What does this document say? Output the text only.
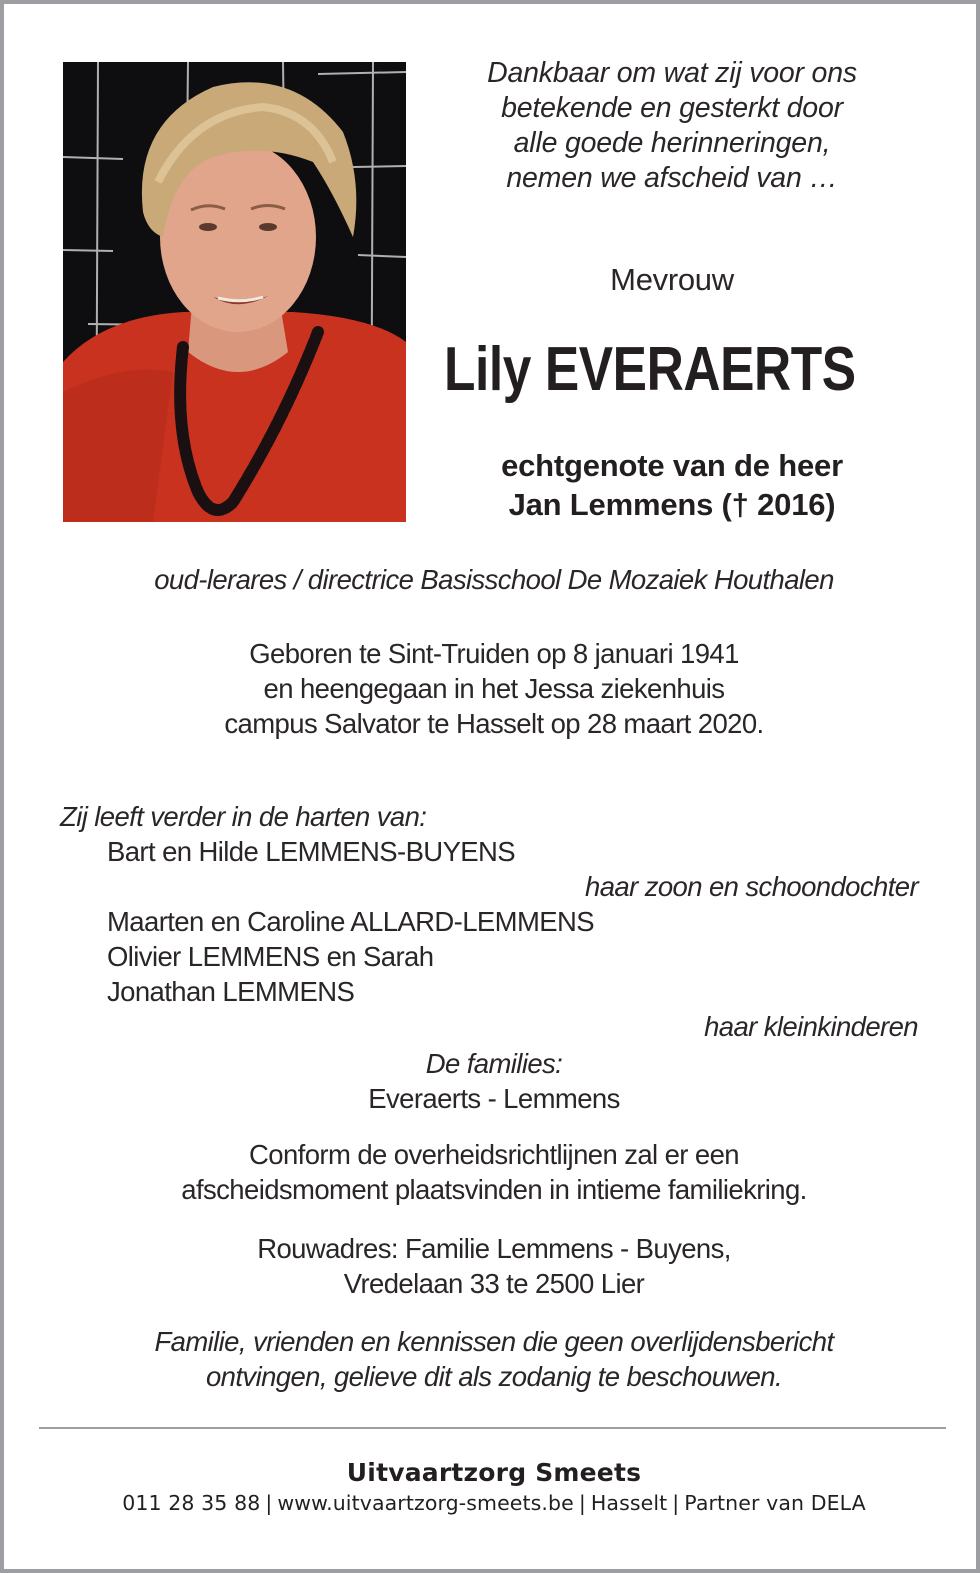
Dankbaar om wat zij voor ons
betekende en gesterkt door
alle goede herinneringen,
nemen we afscheid van …
Mevrouw
Lily EVERAERTS
echtgenote van de heer
Jan Lemmens († 2016)
oud-lerares / directrice Basisschool De Mozaiek Houthalen
Geboren te Sint-Truiden op 8 januari 1941
en heengegaan in het Jessa ziekenhuis
campus Salvator te Hasselt op 28 maart 2020.
Zij leeft verder in de harten van:
Bart en Hilde LEMMENS-BUYENS
haar zoon en schoondochter
Maarten en Caroline ALLARD-LEMMENS
Olivier LEMMENS en Sarah
Jonathan LEMMENS
haar kleinkinderen
De families:
Everaerts - Lemmens
Conform de overheidsrichtlijnen zal er een
afscheidsmoment plaatsvinden in intieme familiekring.
Rouwadres: Familie Lemmens - Buyens,
Vredelaan 33 te 2500 Lier
Familie, vrienden en kennissen die geen overlijdensbericht
ontvingen, gelieve dit als zodanig te beschouwen.
Uitvaartzorg Smeets
011 28 35 88 | www.uitvaartzorg-smeets.be | Hasselt | Partner van DELA
